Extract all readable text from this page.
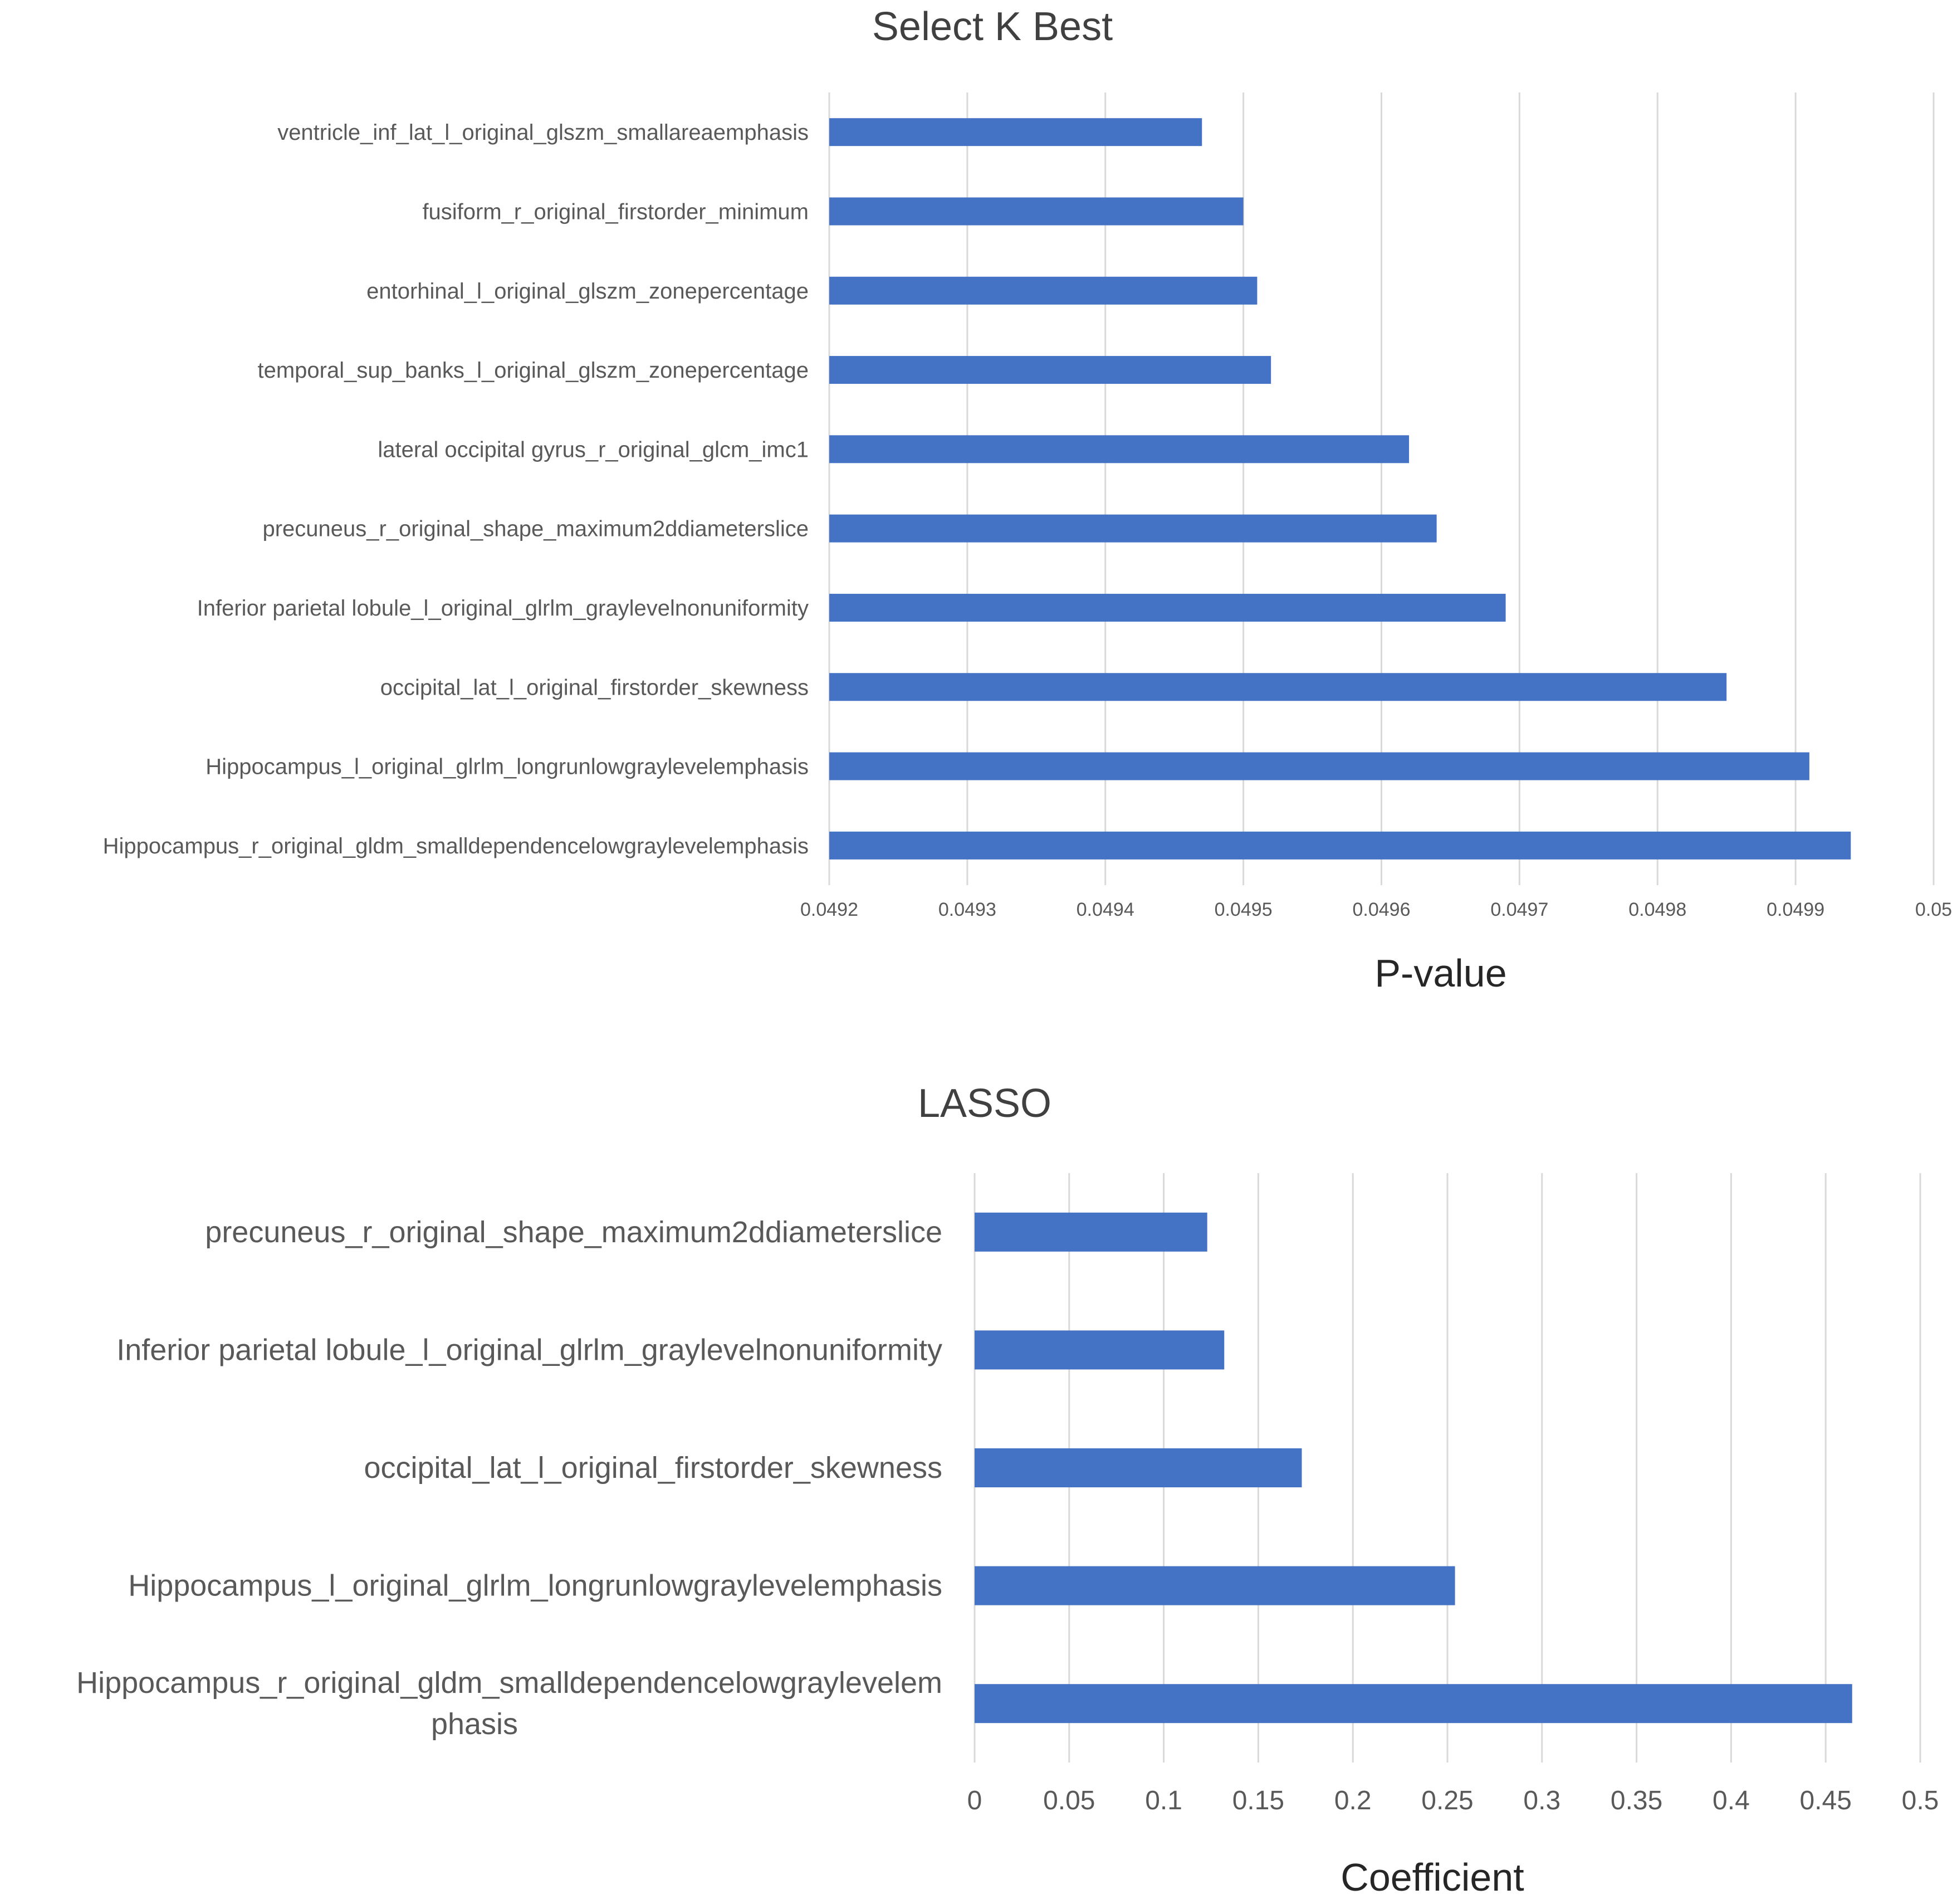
Select K Best
ventricle_inf_lat_l_original_glszm_smallareaemphasis
fusiform_r_original_firstorder_minimum
entorhinal_l_original_glszm_zonepercentage
temporal_sup_banks_l_original_glszm_zonepercentage
lateral occipital gyrus_r_original_glcm_imc1
precuneus_r_original_shape_maximum2ddiameterslice
Inferior parietal lobule_l_original_glrlm_graylevelnonuniformity
occipital_lat_l_original_firstorder_skewness
Hippocampus_l_original_glrlm_longrunlowgraylevelemphasis
Hippocampus_r_original_gldm_smalldependencelowgraylevelemphasis
0.0492	0.0493	0.0494	0.0495	0.0496	0.0497	0.0498	0.0499	0.05
P-value
LASSO
precuneus_r_original_shape_maximum2ddiameterslice
Inferior parietal lobule_l_original_glrlm_graylevelnonuniformity
occipital_lat_l_original_firstorder_skewness
Hippocampus_l_original_glrlm_longrunlowgraylevelemphasis
Hippocampus_r_original_gldm_smalldependencelowgraylevelem
phasis
0 0.05 0.1 0.15 0.2 0.25 0.3 0.35 0.4 0.45 0.5
Coefficient
